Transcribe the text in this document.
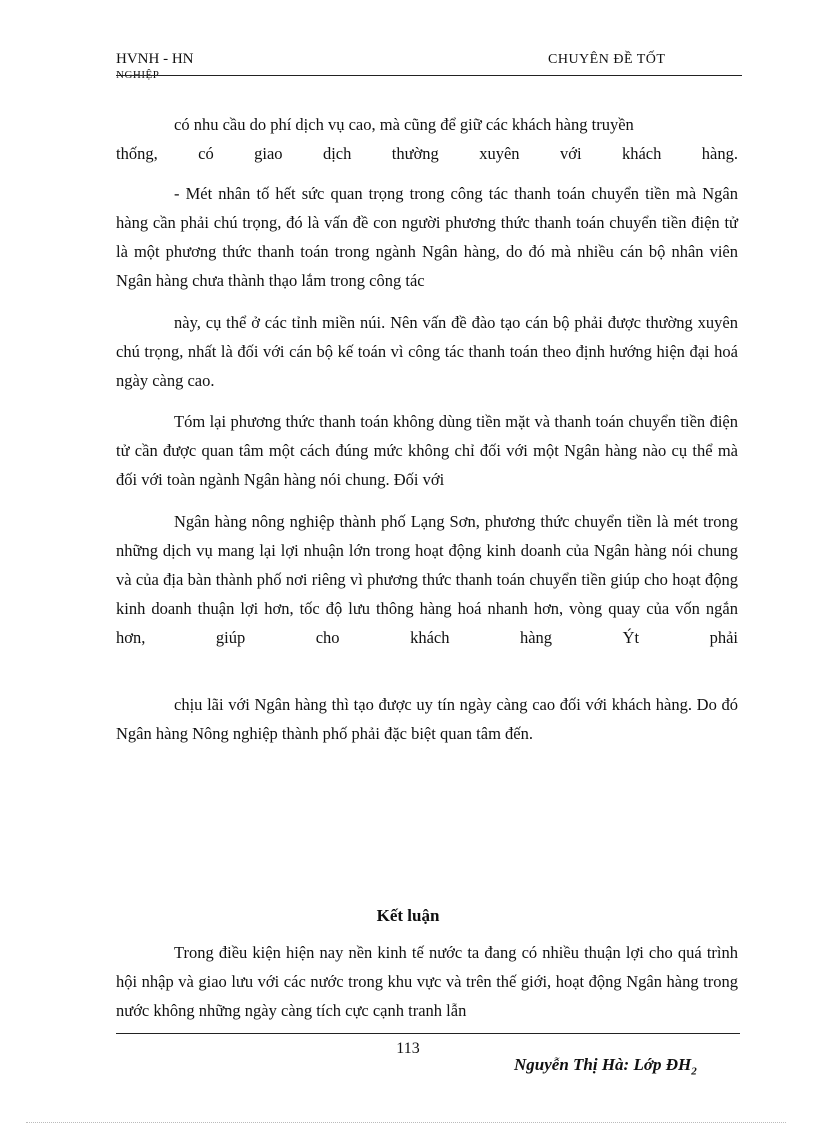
HVNH - HN
NGHIỆP
CHUYÊN ĐỀ TỐT

có nhu cầu do phí dịch vụ cao, mà cũng để giữ các khách hàng truyền

thống, có giao dịch thường xuyên với khách hàng.

- Mét nhân tố hết sức quan trọng trong công tác thanh toán chuyển tiền mà Ngân hàng cần phải chú trọng, đó là vấn đề con người phương thức thanh toán chuyển tiền điện tử là một phương thức thanh toán trong ngành Ngân hàng, do đó mà nhiều cán bộ nhân viên Ngân hàng chưa thành thạo lắm trong công tác

này, cụ thể ở các tỉnh miền núi. Nên vấn đề đào tạo cán bộ phải được thường xuyên chú trọng, nhất là đối với cán bộ kế toán vì công tác thanh toán theo định hướng hiện đại hoá ngày càng cao.

Tóm lại phương thức thanh toán không dùng tiền mặt và thanh toán chuyển tiền điện tử cần được quan tâm một cách đúng mức không chỉ đối với một Ngân hàng nào cụ thể mà đối với toàn ngành Ngân hàng nói chung. Đối với

Ngân hàng nông nghiệp thành phố Lạng Sơn, phương thức chuyển tiền là mét trong những dịch vụ mang lại lợi nhuận lớn trong hoạt động kinh doanh của Ngân hàng nói chung và của địa bàn thành phố nơi riêng vì phương thức thanh toán chuyển tiền giúp cho hoạt động kinh doanh thuận lợi hơn, tốc độ lưu thông hàng hoá nhanh hơn, vòng quay của vốn ngắn hơn, giúp cho khách hàng Ýt phải

chịu lãi với Ngân hàng thì tạo được uy tín ngày càng cao đối với khách hàng. Do đó Ngân hàng Nông nghiệp thành phố phải đặc biệt quan tâm đến.

Kết luận

Trong điều kiện hiện nay nền kinh tế nước ta đang có nhiều thuận lợi cho quá trình hội nhập và giao lưu với các nước trong khu vực và trên thế giới, hoạt động Ngân hàng trong nước không những ngày càng tích cực cạnh tranh lẫn

113
Nguyễn Thị Hà: Lớp $ĐH_2$
